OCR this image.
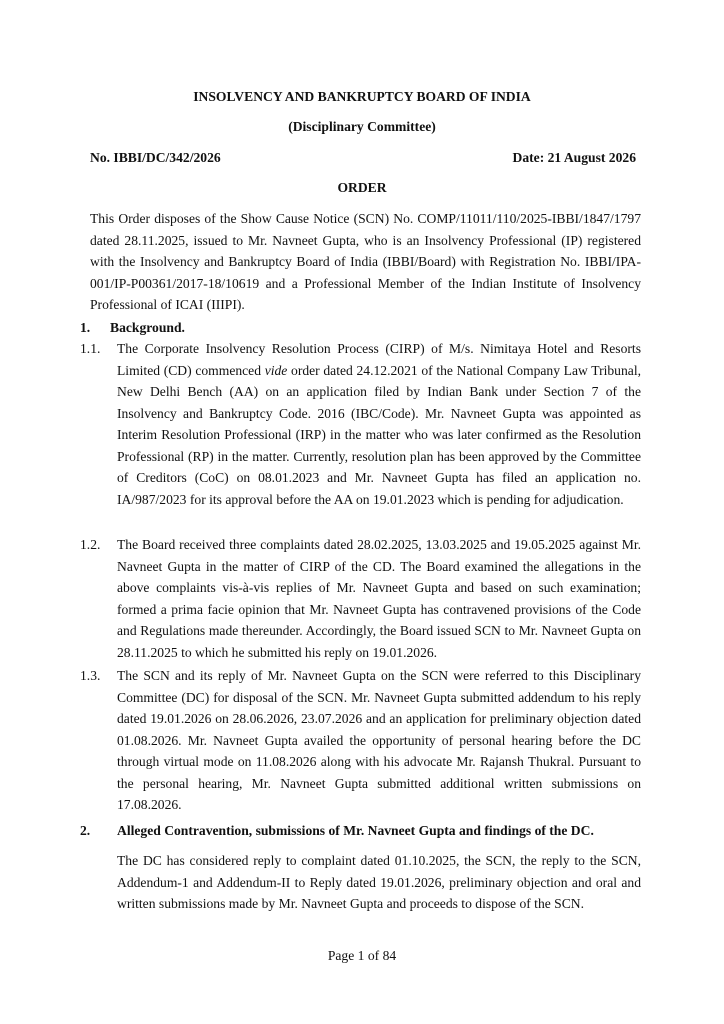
INSOLVENCY AND BANKRUPTCY BOARD OF INDIA
(Disciplinary Committee)
No. IBBI/DC/342/2026	Date: 21 August 2026
ORDER
This Order disposes of the Show Cause Notice (SCN) No. COMP/11011/110/2025-IBBI/1847/1797 dated 28.11.2025, issued to Mr. Navneet Gupta, who is an Insolvency Professional (IP) registered with the Insolvency and Bankruptcy Board of India (IBBI/Board) with Registration No. IBBI/IPA-001/IP-P00361/2017-18/10619 and a Professional Member of the Indian Institute of Insolvency Professional of ICAI (IIIPI).
1. Background.
1.1.	The Corporate Insolvency Resolution Process (CIRP) of M/s. Nimitaya Hotel and Resorts Limited (CD) commenced vide order dated 24.12.2021 of the National Company Law Tribunal, New Delhi Bench (AA) on an application filed by Indian Bank under Section 7 of the Insolvency and Bankruptcy Code. 2016 (IBC/Code). Mr. Navneet Gupta was appointed as Interim Resolution Professional (IRP) in the matter who was later confirmed as the Resolution Professional (RP) in the matter. Currently, resolution plan has been approved by the Committee of Creditors (CoC) on 08.01.2023 and Mr. Navneet Gupta has filed an application no. IA/987/2023 for its approval before the AA on 19.01.2023 which is pending for adjudication.
1.2.	The Board received three complaints dated 28.02.2025, 13.03.2025 and 19.05.2025 against Mr. Navneet Gupta in the matter of CIRP of the CD. The Board examined the allegations in the above complaints vis-à-vis replies of Mr. Navneet Gupta and based on such examination; formed a prima facie opinion that Mr. Navneet Gupta has contravened provisions of the Code and Regulations made thereunder. Accordingly, the Board issued SCN to Mr. Navneet Gupta on 28.11.2025 to which he submitted his reply on 19.01.2026.
1.3.	The SCN and its reply of Mr. Navneet Gupta on the SCN were referred to this Disciplinary Committee (DC) for disposal of the SCN. Mr. Navneet Gupta submitted addendum to his reply dated 19.01.2026 on 28.06.2026, 23.07.2026 and an application for preliminary objection dated 01.08.2026. Mr. Navneet Gupta availed the opportunity of personal hearing before the DC through virtual mode on 11.08.2026 along with his advocate Mr. Rajansh Thukral. Pursuant to the personal hearing, Mr. Navneet Gupta submitted additional written submissions on 17.08.2026.
2. Alleged Contravention, submissions of Mr. Navneet Gupta and findings of the DC.
The DC has considered reply to complaint dated 01.10.2025, the SCN, the reply to the SCN, Addendum-1 and Addendum-II to Reply dated 19.01.2026, preliminary objection and oral and written submissions made by Mr. Navneet Gupta and proceeds to dispose of the SCN.
Page 1 of 84
